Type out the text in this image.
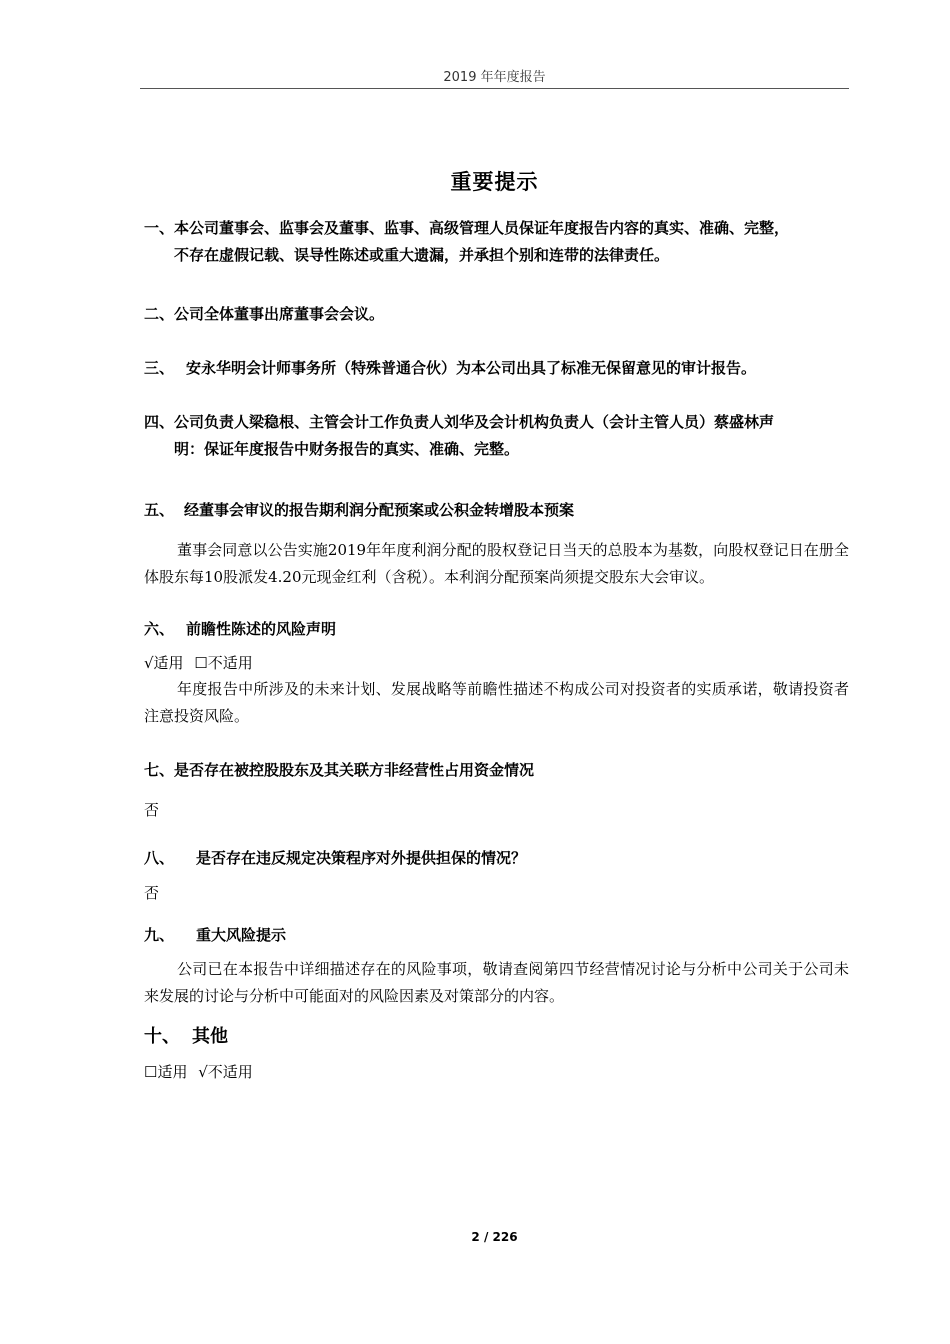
2019 年年度报告
重要提示
一、本公司董事会、监事会及董事、监事、高级管理人员保证年度报告内容的真实、准确、完整，
不存在虚假记载、误导性陈述或重大遗漏，并承担个别和连带的法律责任。
二、公司全体董事出席董事会会议。
三、 安永华明会计师事务所（特殊普通合伙）为本公司出具了标准无保留意见的审计报告。
四、公司负责人梁稳根、主管会计工作负责人刘华及会计机构负责人（会计主管人员）蔡盛林声
明：保证年度报告中财务报告的真实、准确、完整。
五、 经董事会审议的报告期利润分配预案或公积金转增股本预案
董事会同意以公告实施2019年年度利润分配的股权登记日当天的总股本为基数，向股权登记日在册全体股东每10股派发4.20元现金红利（含税）。本利润分配预案尚须提交股东大会审议。
六、 前瞻性陈述的风险声明
√适用 ☐不适用
年度报告中所涉及的未来计划、发展战略等前瞻性描述不构成公司对投资者的实质承诺，敬请投资者注意投资风险。
七、是否存在被控股股东及其关联方非经营性占用资金情况
否
八、 是否存在违反规定决策程序对外提供担保的情况？
否
九、 重大风险提示
公司已在本报告中详细描述存在的风险事项，敬请查阅第四节经营情况讨论与分析中公司关于公司未来发展的讨论与分析中可能面对的风险因素及对策部分的内容。
十、 其他
☐适用 √不适用
2 / 226
